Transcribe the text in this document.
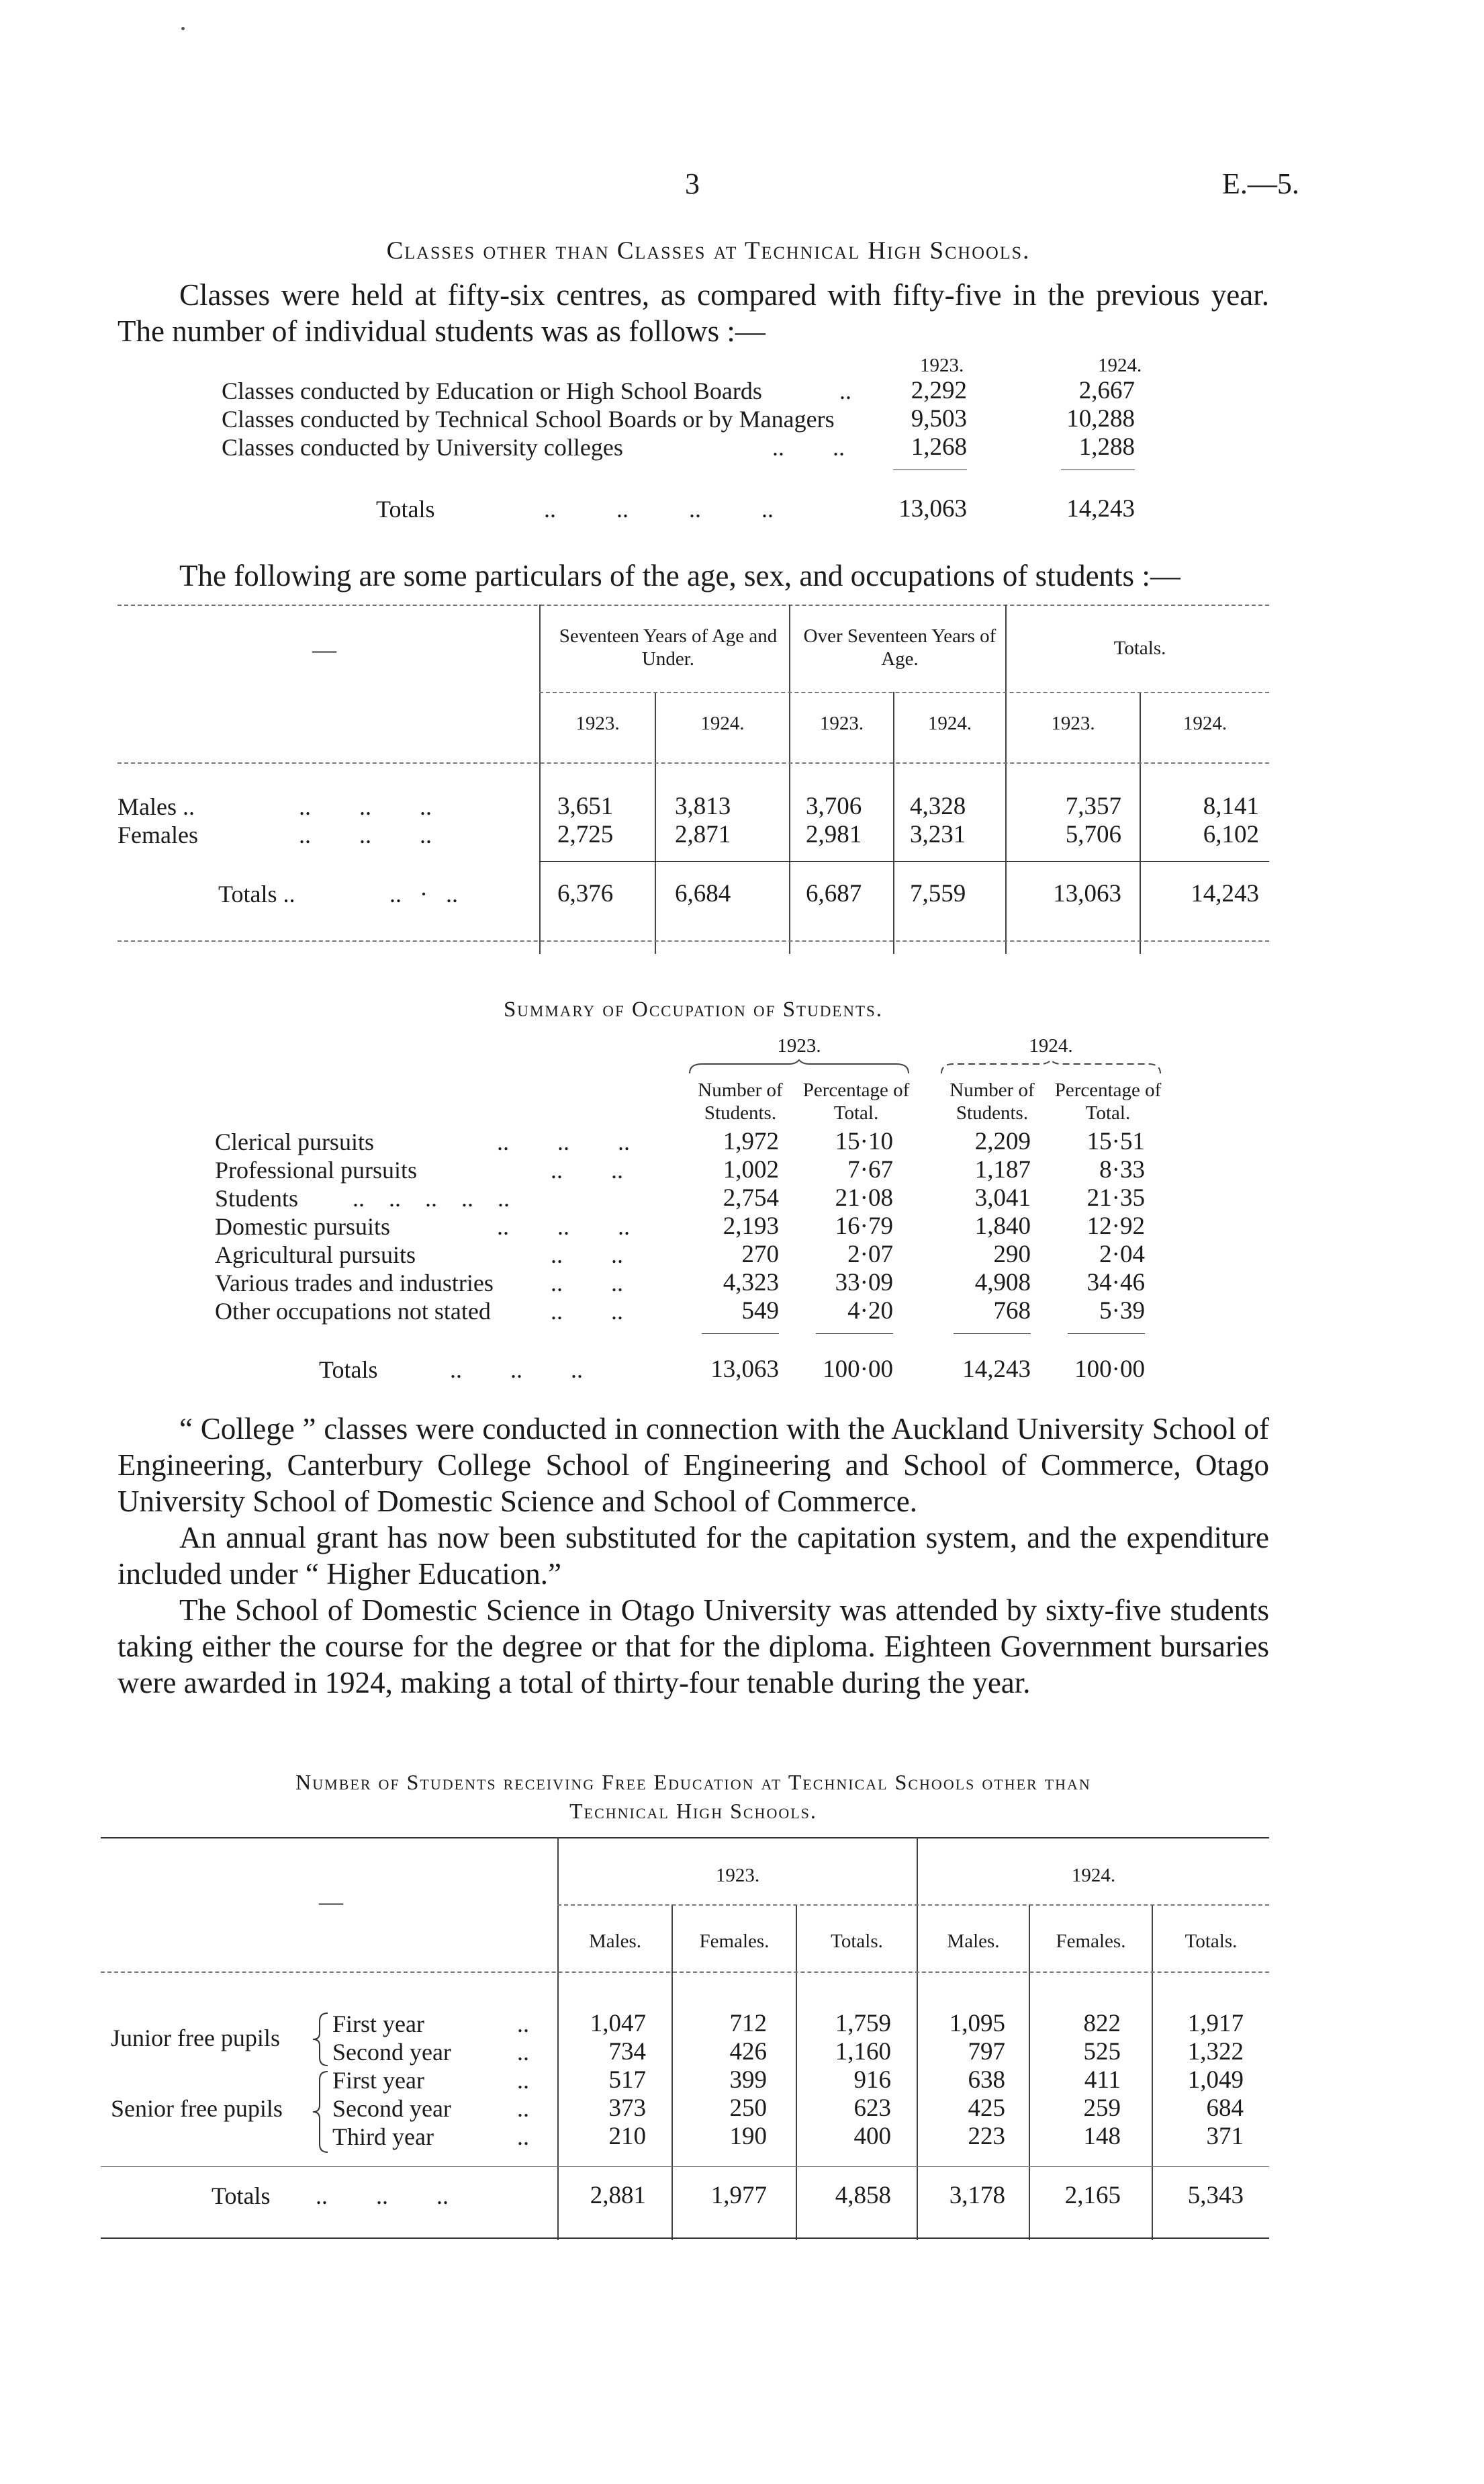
3	E.—5.
Classes other than Classes at Technical High Schools.

Classes were held at fifty-six centres, as compared with fifty-five in the previous year. The number of individual students was as follows :—

1923.	1924.
Classes conducted by Education or High School Boards	..	2,292	2,667
Classes conducted by Technical School Boards or by Managers	9,503	10,288
Classes conducted by University colleges	..        ..	1,268	1,288
Totals	..          ..          ..          ..	13,063	14,243

The following are some particulars of the age, sex, and occupations of students :—

Seventeen Years of Age and Under.
Over Seventeen Years of Age.	Totals.
—
1923.	1924.	1923.	1924.	1923.	1924.
Males ..	..        ..        ..	3,651 3,813	3,706 4,328	7,357	8,141
Females	..        ..        ..	2,725 2,871	2,981 3,231	5,706	6,102
Totals ..	..   ·   ..	6,376 6,684	6,687 7,559	13,063	14,243
Summary of Occupation of Students.
1923.	1924.
Number of Students.
Percentage of Total.
Number of Students.
Percentage of Total.
Clerical pursuits	..        ..        ..	1,972	15·10	2,209	15·51
Professional pursuits	..        ..	1,002	7·67	1,187	8·33
Students ..    ..    ..    ..    ..	2,754	21·08	3,041	21·35
Domestic pursuits	..        ..        ..	2,193	16·79	1,840	12·92
Agricultural pursuits	..        ..	270	2·07	290	2·04
Various trades and industries ..        ..	4,323	33·09	4,908	34·46
Other occupations not stated ..        ..	549	4·20	768	5·39
Totals	..        ..        ..	13,063	100·00	14,243	100·00

“ College ” classes were conducted in connection with the Auckland University School of Engineering, Canterbury College School of Engineering and School of Commerce, Otago University School of Domestic Science and School of Commerce.

An annual grant has now been substituted for the capitation system, and the expenditure included under “ Higher Education.”

The School of Domestic Science in Otago University was attended by sixty-five students taking either the course for the degree or that for the diploma. Eighteen Government bursaries were awarded in 1924, making a total of thirty-four tenable during the year.

Number of Students receiving Free Education at Technical Schools other than
Technical High Schools.
1923.	1924.
—
Males.	Females.	Totals.	Males.	Females.	Totals.
Junior free pupils
First year	..	1,047	712	1,759	1,095	822	1,917
Second year	..	734	426	1,160	797	525	1,322
Senior free pupils
First year	..	517	399	916	638	411	1,049
Second year	..	373	250	623	425	259	684
Third year	..	210	190	400	223	148	371
Totals ..        ..        ..	2,881	1,977	4,858	3,178	2,165	5,343
